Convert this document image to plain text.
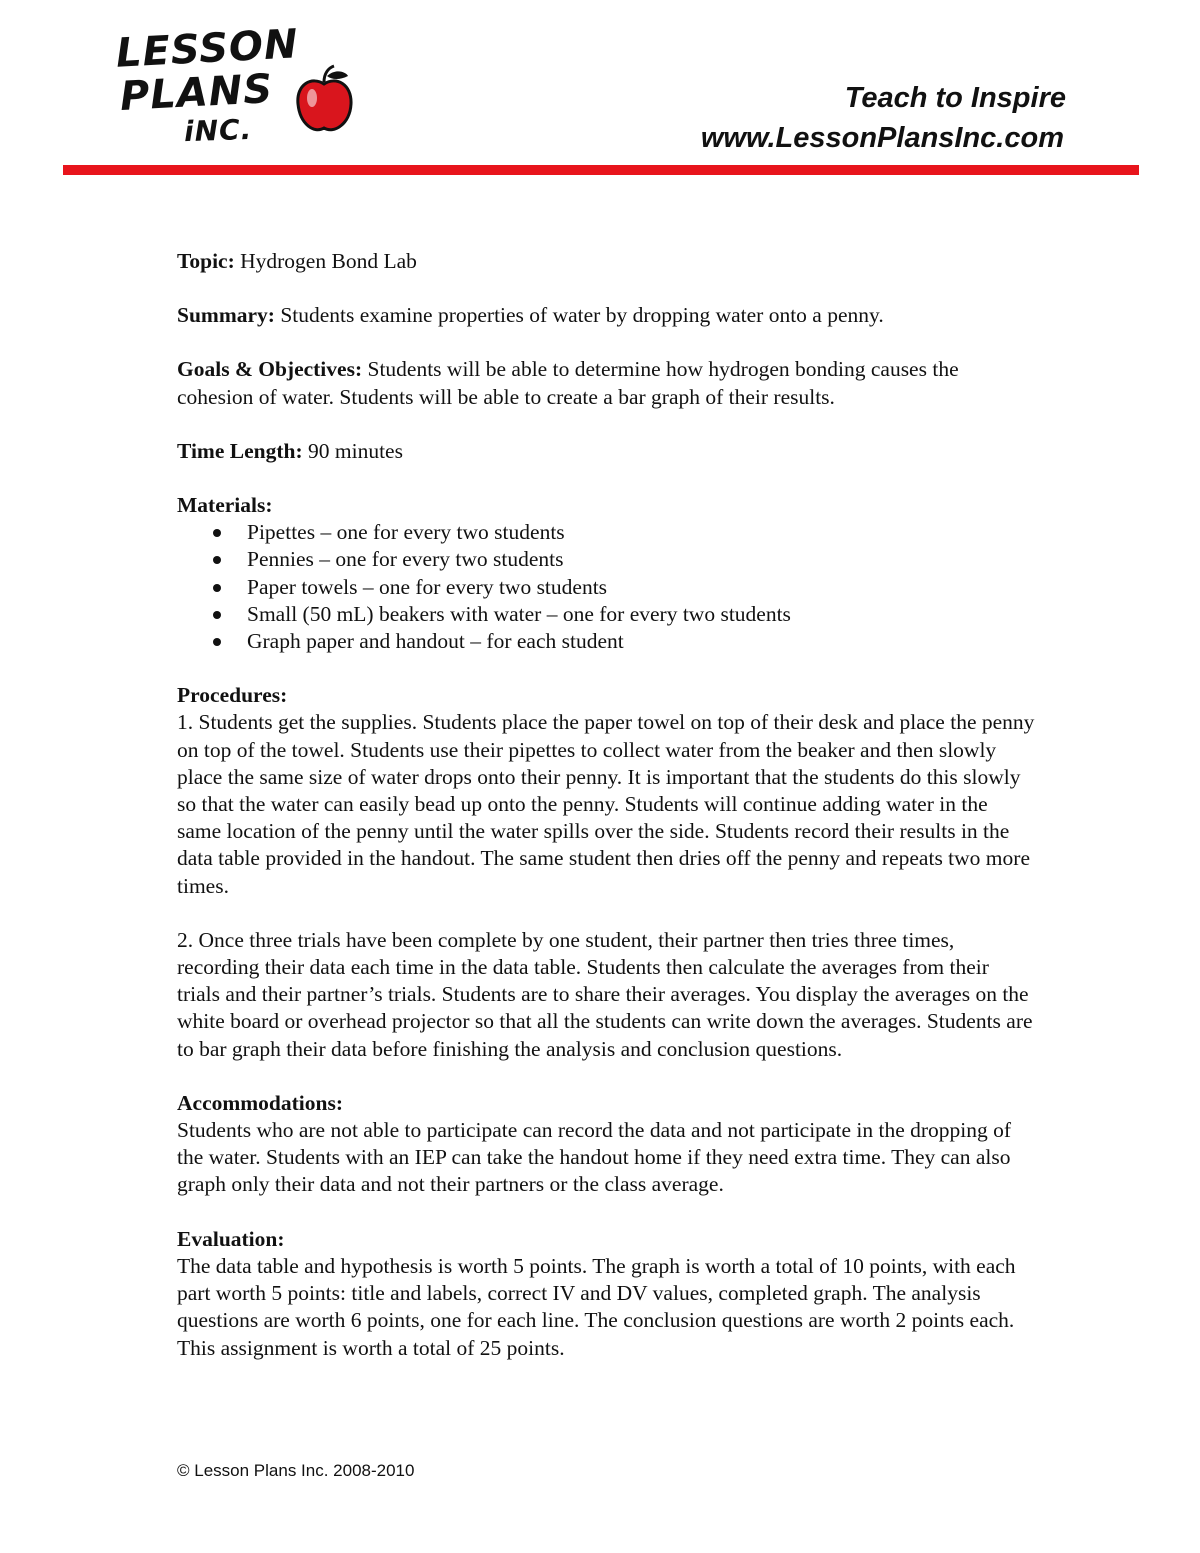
LESSON
PLANS
iNC.
Teach to Inspire
www.LessonPlansInc.com

Topic: Hydrogen Bond Lab

Summary: Students examine properties of water by dropping water onto a penny.

Goals & Objectives: Students will be able to determine how hydrogen bonding causes the cohesion of water. Students will be able to create a bar graph of their results.

Time Length: 90 minutes

Materials:

Pipettes – one for every two students
Pennies – one for every two students
Paper towels – one for every two students
Small (50 mL) beakers with water – one for every two students
Graph paper and handout – for each student

Procedures:

1. Students get the supplies. Students place the paper towel on top of their desk and place the penny on top of the towel. Students use their pipettes to collect water from the beaker and then slowly place the same size of water drops onto their penny. It is important that the students do this slowly so that the water can easily bead up onto the penny. Students will continue adding water in the same location of the penny until the water spills over the side. Students record their results in the data table provided in the handout. The same student then dries off the penny and repeats two more times.

2. Once three trials have been complete by one student, their partner then tries three times, recording their data each time in the data table. Students then calculate the averages from their trials and their partner’s trials. Students are to share their averages. You display the averages on the white board or overhead projector so that all the students can write down the averages. Students are to bar graph their data before finishing the analysis and conclusion questions.

Accommodations:

Students who are not able to participate can record the data and not participate in the dropping of the water. Students with an IEP can take the handout home if they need extra time. They can also graph only their data and not their partners or the class average.

Evaluation:

The data table and hypothesis is worth 5 points. The graph is worth a total of 10 points, with each part worth 5 points: title and labels, correct IV and DV values, completed graph. The analysis questions are worth 6 points, one for each line. The conclusion questions are worth 2 points each. This assignment is worth a total of 25 points.

© Lesson Plans Inc. 2008-2010
